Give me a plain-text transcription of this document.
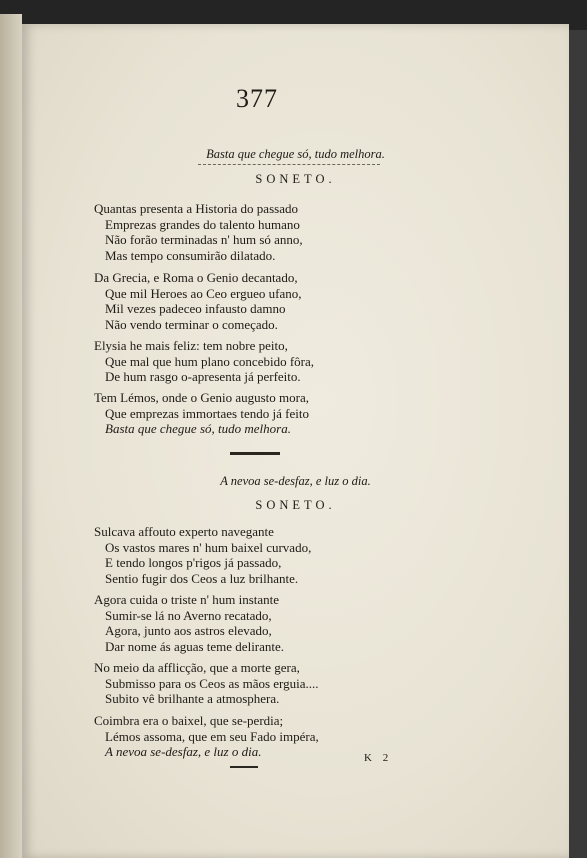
377
Basta que chegue só, tudo melhora.
SONETO.
Quantas presenta a Historia do passado
Emprezas grandes do talento humano
Não forão terminadas n' hum só anno,
Mas tempo consumirão dilatado.
Da Grecia, e Roma o Genio decantado,
Que mil Heroes ao Ceo ergueo ufano,
Mil vezes padeceo infausto damno
Não vendo terminar o começado.
Elysia he mais feliz: tem nobre peito,
Que mal que hum plano concebido fôra,
De hum rasgo o-apresenta já perfeito.
Tem Lémos, onde o Genio augusto mora,
Que emprezas immortaes tendo já feito
Basta que chegue só, tudo melhora.
A nevoa se-desfaz, e luz o dia.
SONETO.
Sulcava affouto experto navegante
Os vastos mares n' hum baixel curvado,
E tendo longos p'rigos já passado,
Sentio fugir dos Ceos a luz brilhante.
Agora cuida o triste n' hum instante
Sumir-se lá no Averno recatado,
Agora, junto aos astros elevado,
Dar nome ás aguas teme delirante.
No meio da afflicção, que a morte gera,
Submisso para os Ceos as mãos erguia....
Subito vê brilhante a atmosphera.
Coimbra era o baixel, que se-perdia;
Lémos assoma, que em seu Fado impéra,
A nevoa se-desfaz, e luz o dia.	K 2
